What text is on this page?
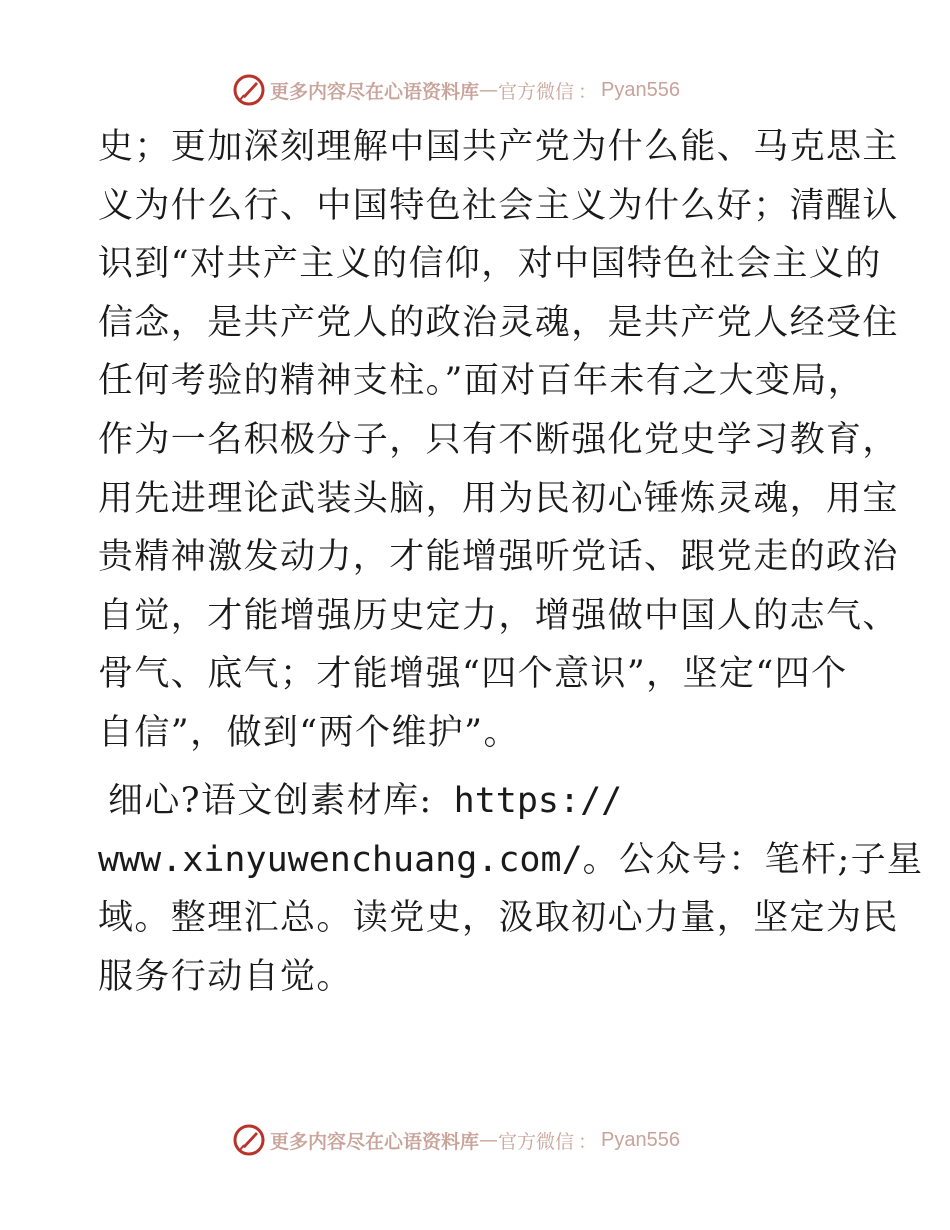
更多内容尽在心语资料库 — 官方微信 ： Pyan556
史；更加深刻理解中国共产党为什么能、马克思主
义为什么行、中国特色社会主义为什么好；清醒认
识到“对共产主义的信仰，对中国特色社会主义的
信念，是共产党人的政治灵魂，是共产党人经受住
任何考验的精神支柱。”面对百年未有之大变局，
作为一名积极分子，只有不断强化党史学习教育，
用先进理论武装头脑，用为民初心锤炼灵魂，用宝
贵精神激发动力，才能增强听党话、跟党走的政治
自觉，才能增强历史定力，增强做中国人的志气、
骨气、底气；才能增强“四个意识”，坚定“四个
自信”，做到“两个维护”。
细心?语文创素材库: https://
www.xinyuwenchuang.com/。公众号：笔杆;子星
域。整理汇总。读党史，汲取初心力量，坚定为民
服务行动自觉。
更多内容尽在心语资料库 — 官方微信 ： Pyan556
